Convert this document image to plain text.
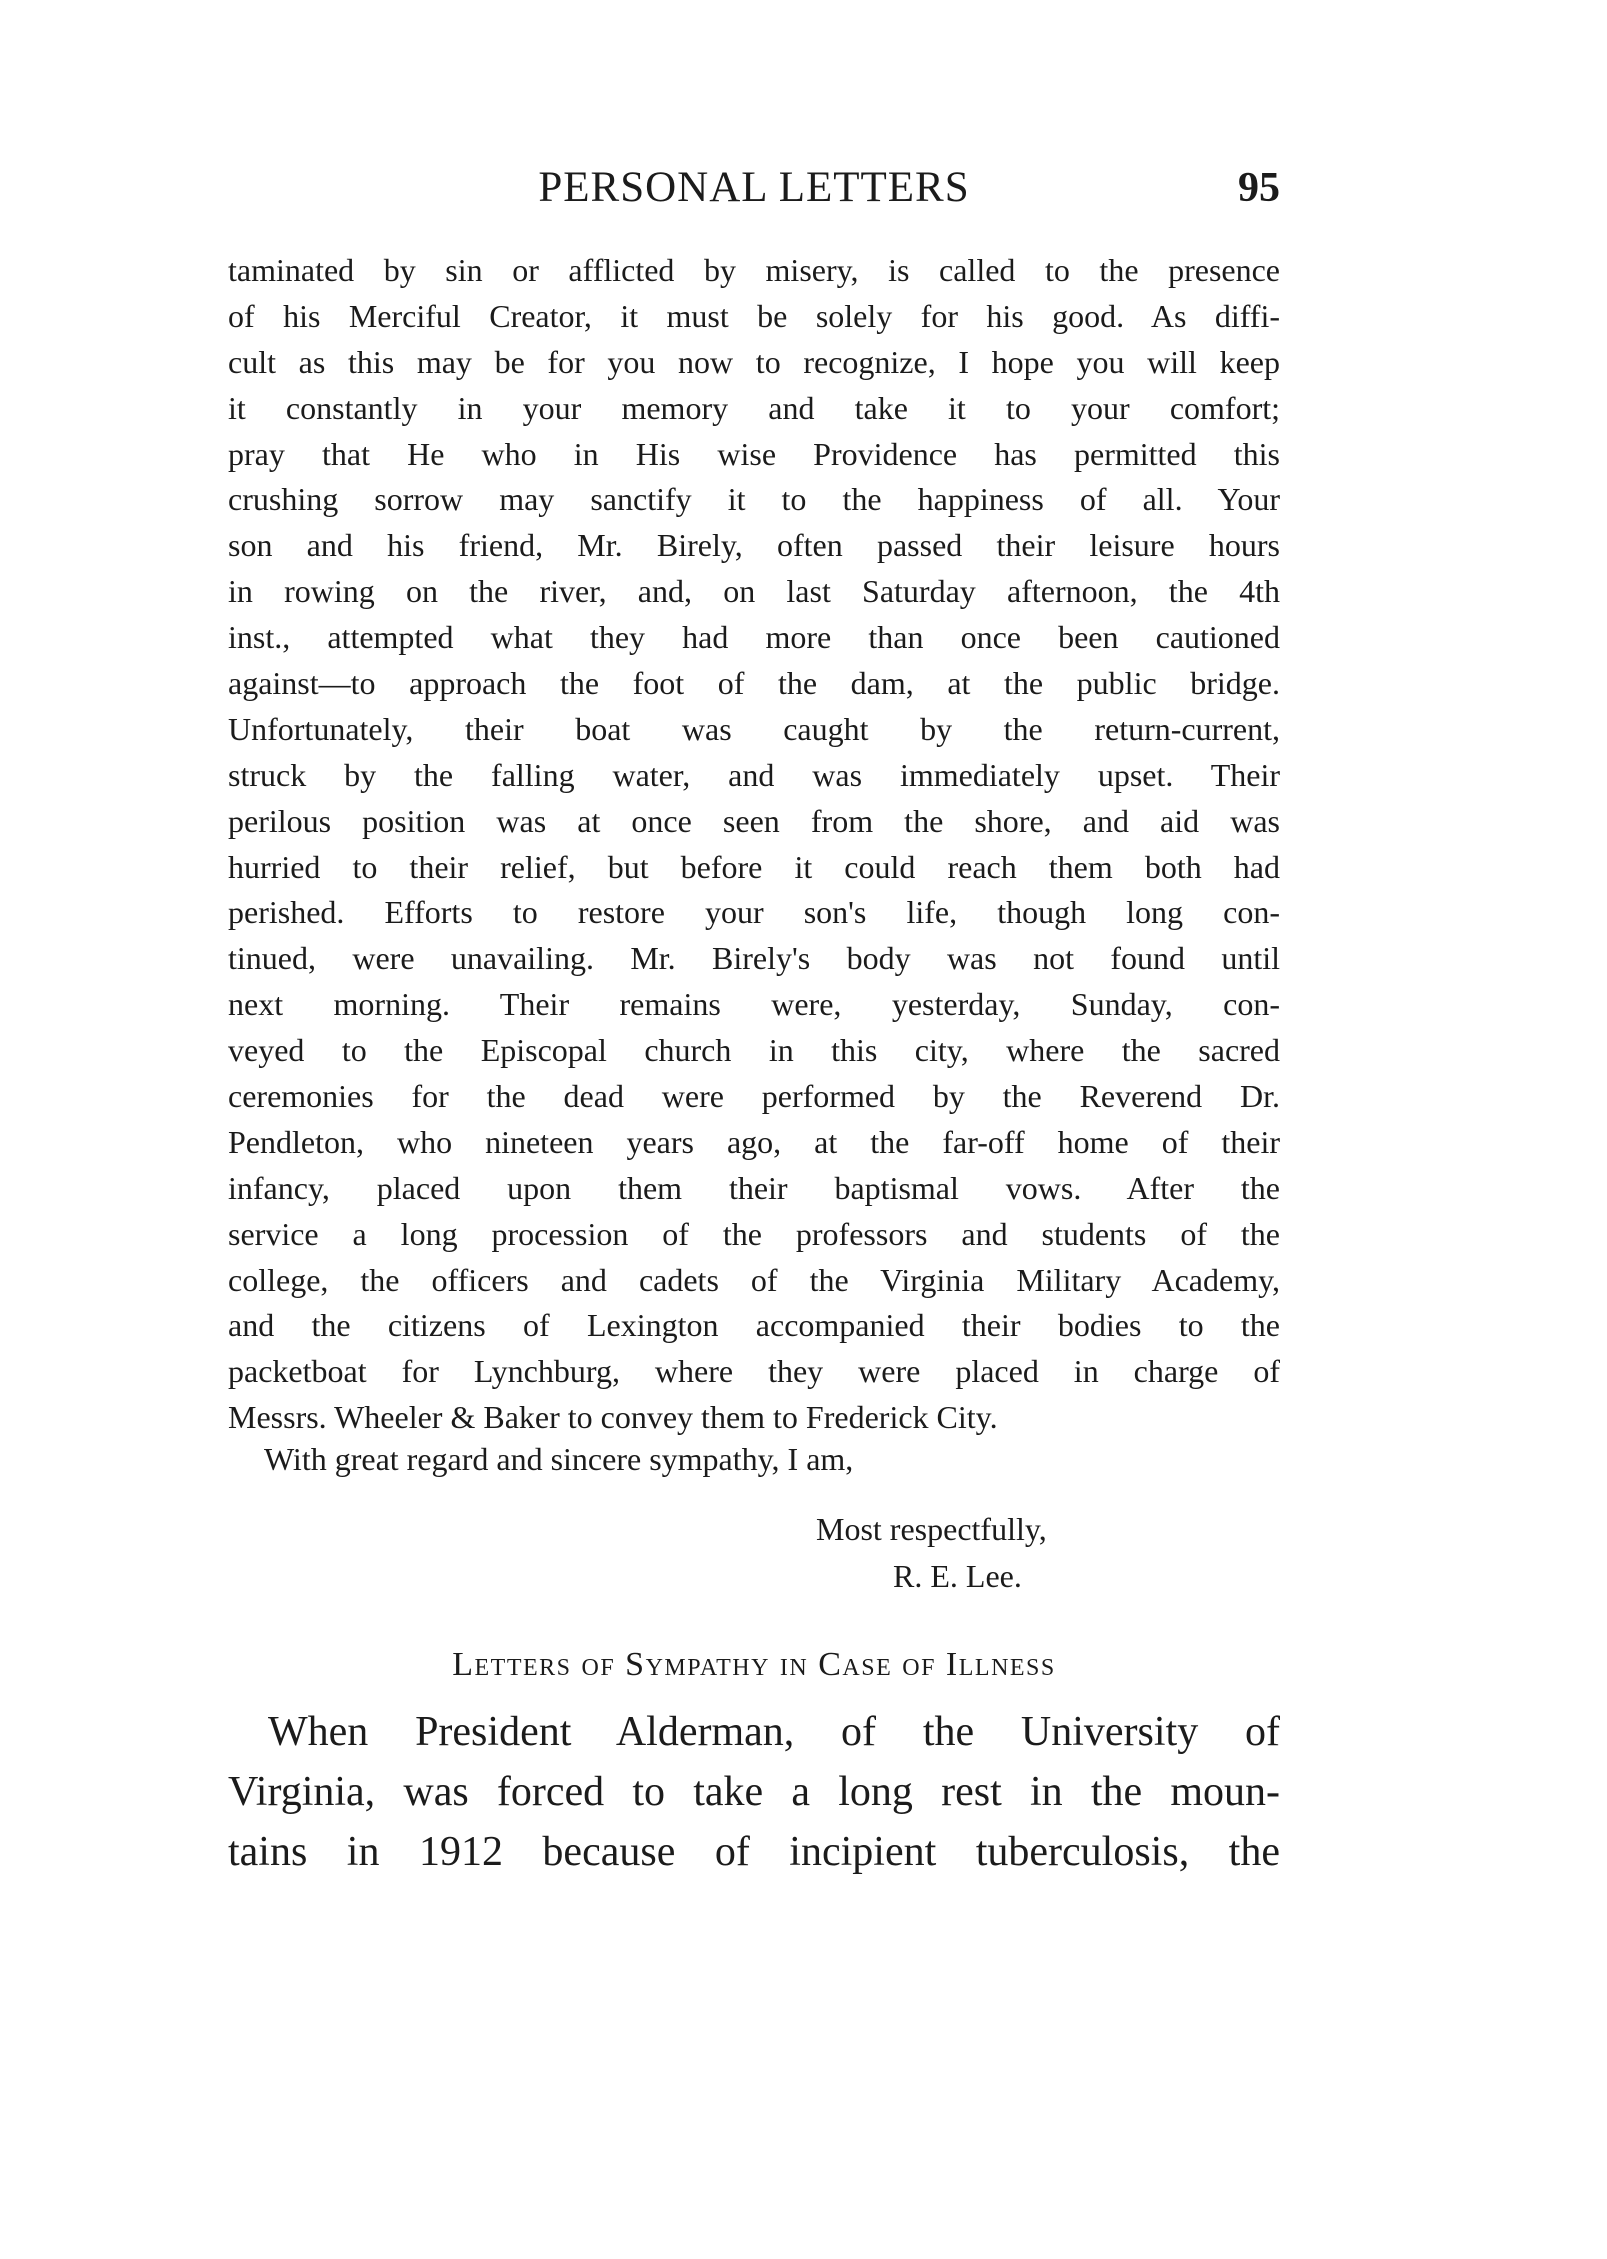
PERSONAL LETTERS	95
taminated by sin or afflicted by misery, is called to the presence
of his Merciful Creator, it must be solely for his good. As diffi-
cult as this may be for you now to recognize, I hope you will keep
it constantly in your memory and take it to your comfort;
pray that He who in His wise Providence has permitted this
crushing sorrow may sanctify it to the happiness of all. Your
son and his friend, Mr. Birely, often passed their leisure hours
in rowing on the river, and, on last Saturday afternoon, the 4th
inst., attempted what they had more than once been cautioned
against—to approach the foot of the dam, at the public bridge.
Unfortunately, their boat was caught by the return-current,
struck by the falling water, and was immediately upset. Their
perilous position was at once seen from the shore, and aid was
hurried to their relief, but before it could reach them both had
perished. Efforts to restore your son's life, though long con-
tinued, were unavailing. Mr. Birely's body was not found until
next morning. Their remains were, yesterday, Sunday, con-
veyed to the Episcopal church in this city, where the sacred
ceremonies for the dead were performed by the Reverend Dr.
Pendleton, who nineteen years ago, at the far-off home of their
infancy, placed upon them their baptismal vows. After the
service a long procession of the professors and students of the
college, the officers and cadets of the Virginia Military Academy,
and the citizens of Lexington accompanied their bodies to the
packetboat for Lynchburg, where they were placed in charge of
Messrs. Wheeler & Baker to convey them to Frederick City.
With great regard and sincere sympathy, I am,
Most respectfully,
R. E. Lee.
Letters of Sympathy in Case of Illness
When President Alderman, of the University of
Virginia, was forced to take a long rest in the moun-
tains in 1912 because of incipient tuberculosis, the
